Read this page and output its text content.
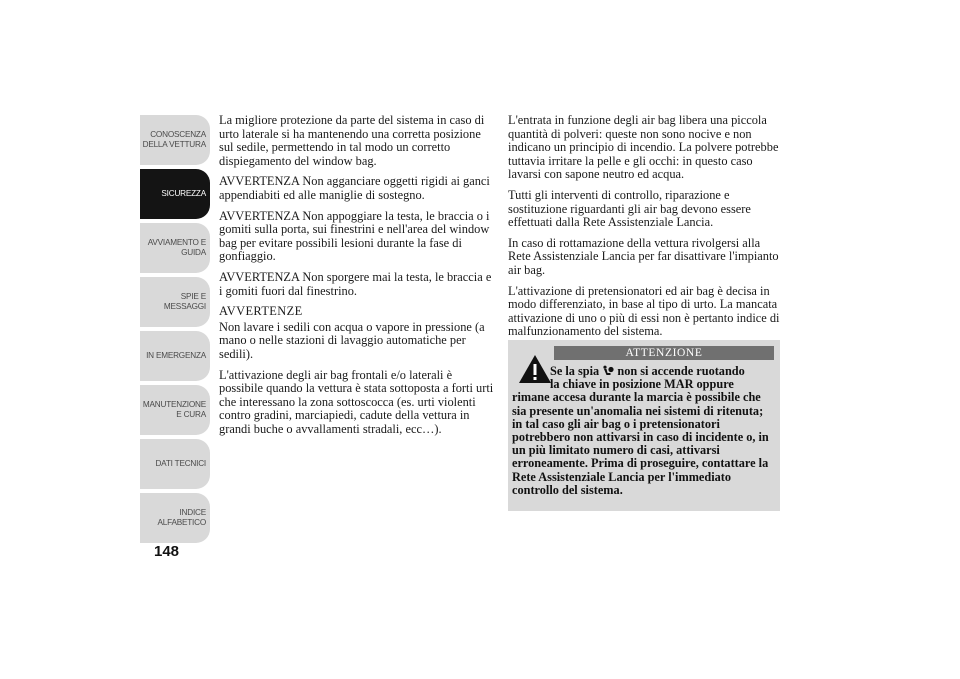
CONOSCENZA DELLA VETTURA
SICUREZZA
AVVIAMENTO E GUIDA
SPIE E MESSAGGI
IN EMERGENZA
MANUTENZIONE E CURA
DATI TECNICI
INDICE ALFABETICO
148

La migliore protezione da parte del sistema in caso di urto laterale si ha mantenendo una corretta posizione sul sedile, permettendo in tal modo un corretto dispiegamento del window bag.

AVVERTENZA Non agganciare oggetti rigidi ai ganci appendiabiti ed alle maniglie di sostegno.

AVVERTENZA Non appoggiare la testa, le braccia o i gomiti sulla porta, sui finestrini e nell'area del window bag per evitare possibili lesioni durante la fase di gonfiaggio.

AVVERTENZA Non sporgere mai la testa, le braccia e i gomiti fuori dal finestrino.

AVVERTENZE

Non lavare i sedili con acqua o vapore in pressione (a mano o nelle stazioni di lavaggio automatiche per sedili).

L'attivazione degli air bag frontali e/o laterali è possibile quando la vettura è stata sottoposta a forti urti che interessano la zona sottoscocca (es. urti violenti contro gradini, marciapiedi, cadute della vettura in grandi buche o avvallamenti stradali, ecc…).

L'entrata in funzione degli air bag libera una piccola quantità di polveri: queste non sono nocive e non indicano un principio di incendio. La polvere potrebbe tuttavia irritare la pelle e gli occhi: in questo caso lavarsi con sapone neutro ed acqua.

Tutti gli interventi di controllo, riparazione e sostituzione riguardanti gli air bag devono essere effettuati dalla Rete Assistenziale Lancia.

In caso di rottamazione della vettura rivolgersi alla Rete Assistenziale Lancia per far disattivare l'impianto air bag.

L'attivazione di pretensionatori ed air bag è decisa in modo differenziato, in base al tipo di urto. La mancata attivazione di uno o più di essi non è pertanto indice di malfunzionamento del sistema.

ATTENZIONE
Se la spia non si accende ruotando
la chiave in posizione MAR oppure
rimane accesa durante la marcia è possibile che sia presente un'anomalia nei sistemi di ritenuta; in tal caso gli air bag o i pretensionatori potrebbero non attivarsi in caso di incidente o, in un più limitato numero di casi, attivarsi erroneamente. Prima di proseguire, contattare la Rete Assistenziale Lancia per l'immediato controllo del sistema.
